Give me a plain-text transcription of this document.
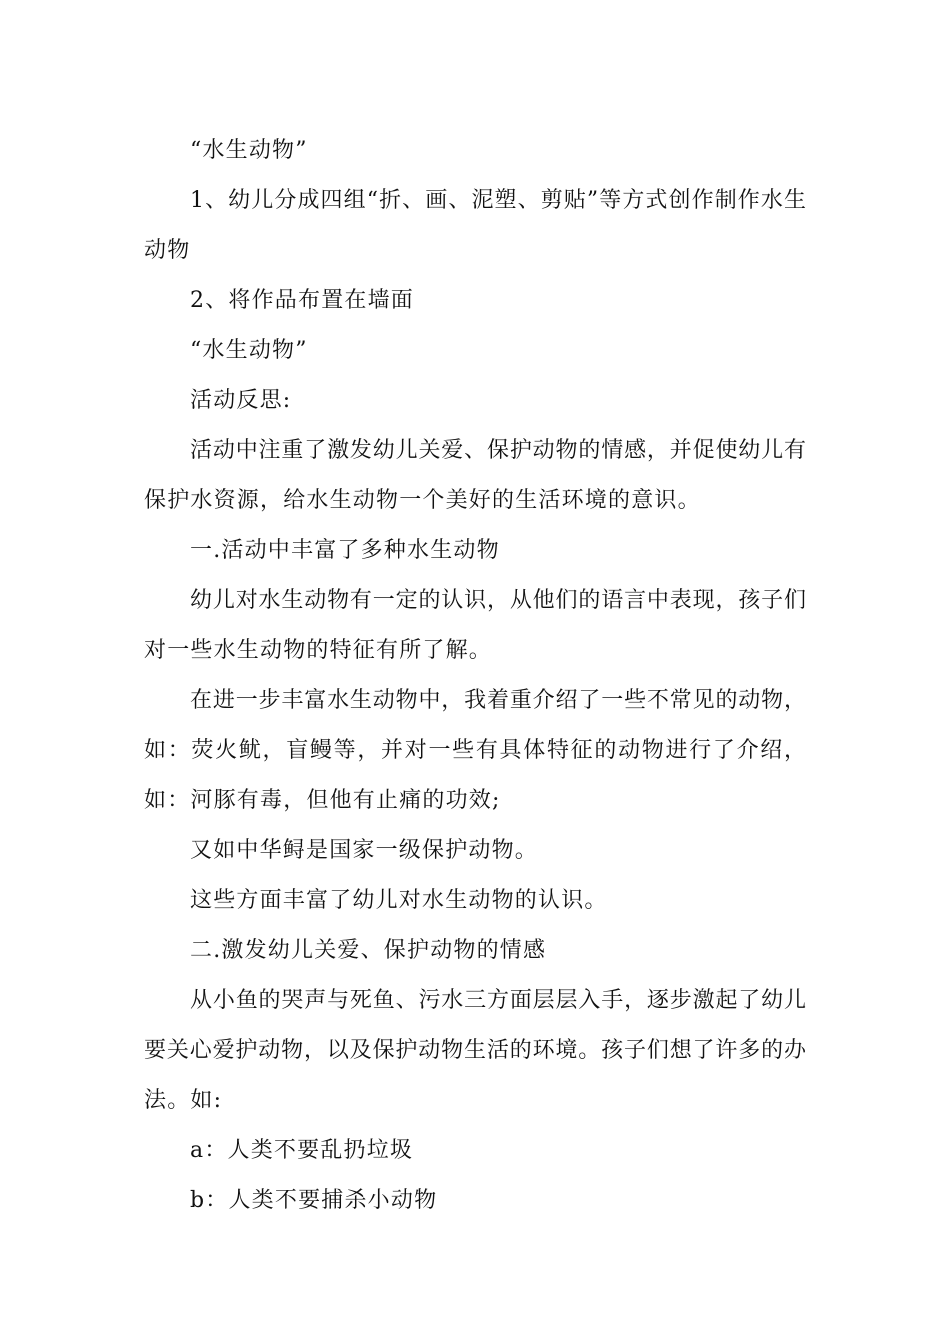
“水生动物”
1、幼儿分成四组“折、画、泥塑、剪贴”等方式创作制作水生
动物
2、将作品布置在墙面
“水生动物”
活动反思:
活动中注重了激发幼儿关爱、保护动物的情感，并促使幼儿有
保护水资源，给水生动物一个美好的生活环境的意识。
一.活动中丰富了多种水生动物
幼儿对水生动物有一定的认识，从他们的语言中表现，孩子们
对一些水生动物的特征有所了解。
在进一步丰富水生动物中，我着重介绍了一些不常见的动物，
如：荧火鱿，盲鳗等，并对一些有具体特征的动物进行了介绍，
如：河豚有毒，但他有止痛的功效;
又如中华鲟是国家一级保护动物。
这些方面丰富了幼儿对水生动物的认识。
二.激发幼儿关爱、保护动物的情感
从小鱼的哭声与死鱼、污水三方面层层入手，逐步激起了幼儿
要关心爱护动物，以及保护动物生活的环境。孩子们想了许多的办
法。如:
a：人类不要乱扔垃圾
b：人类不要捕杀小动物
